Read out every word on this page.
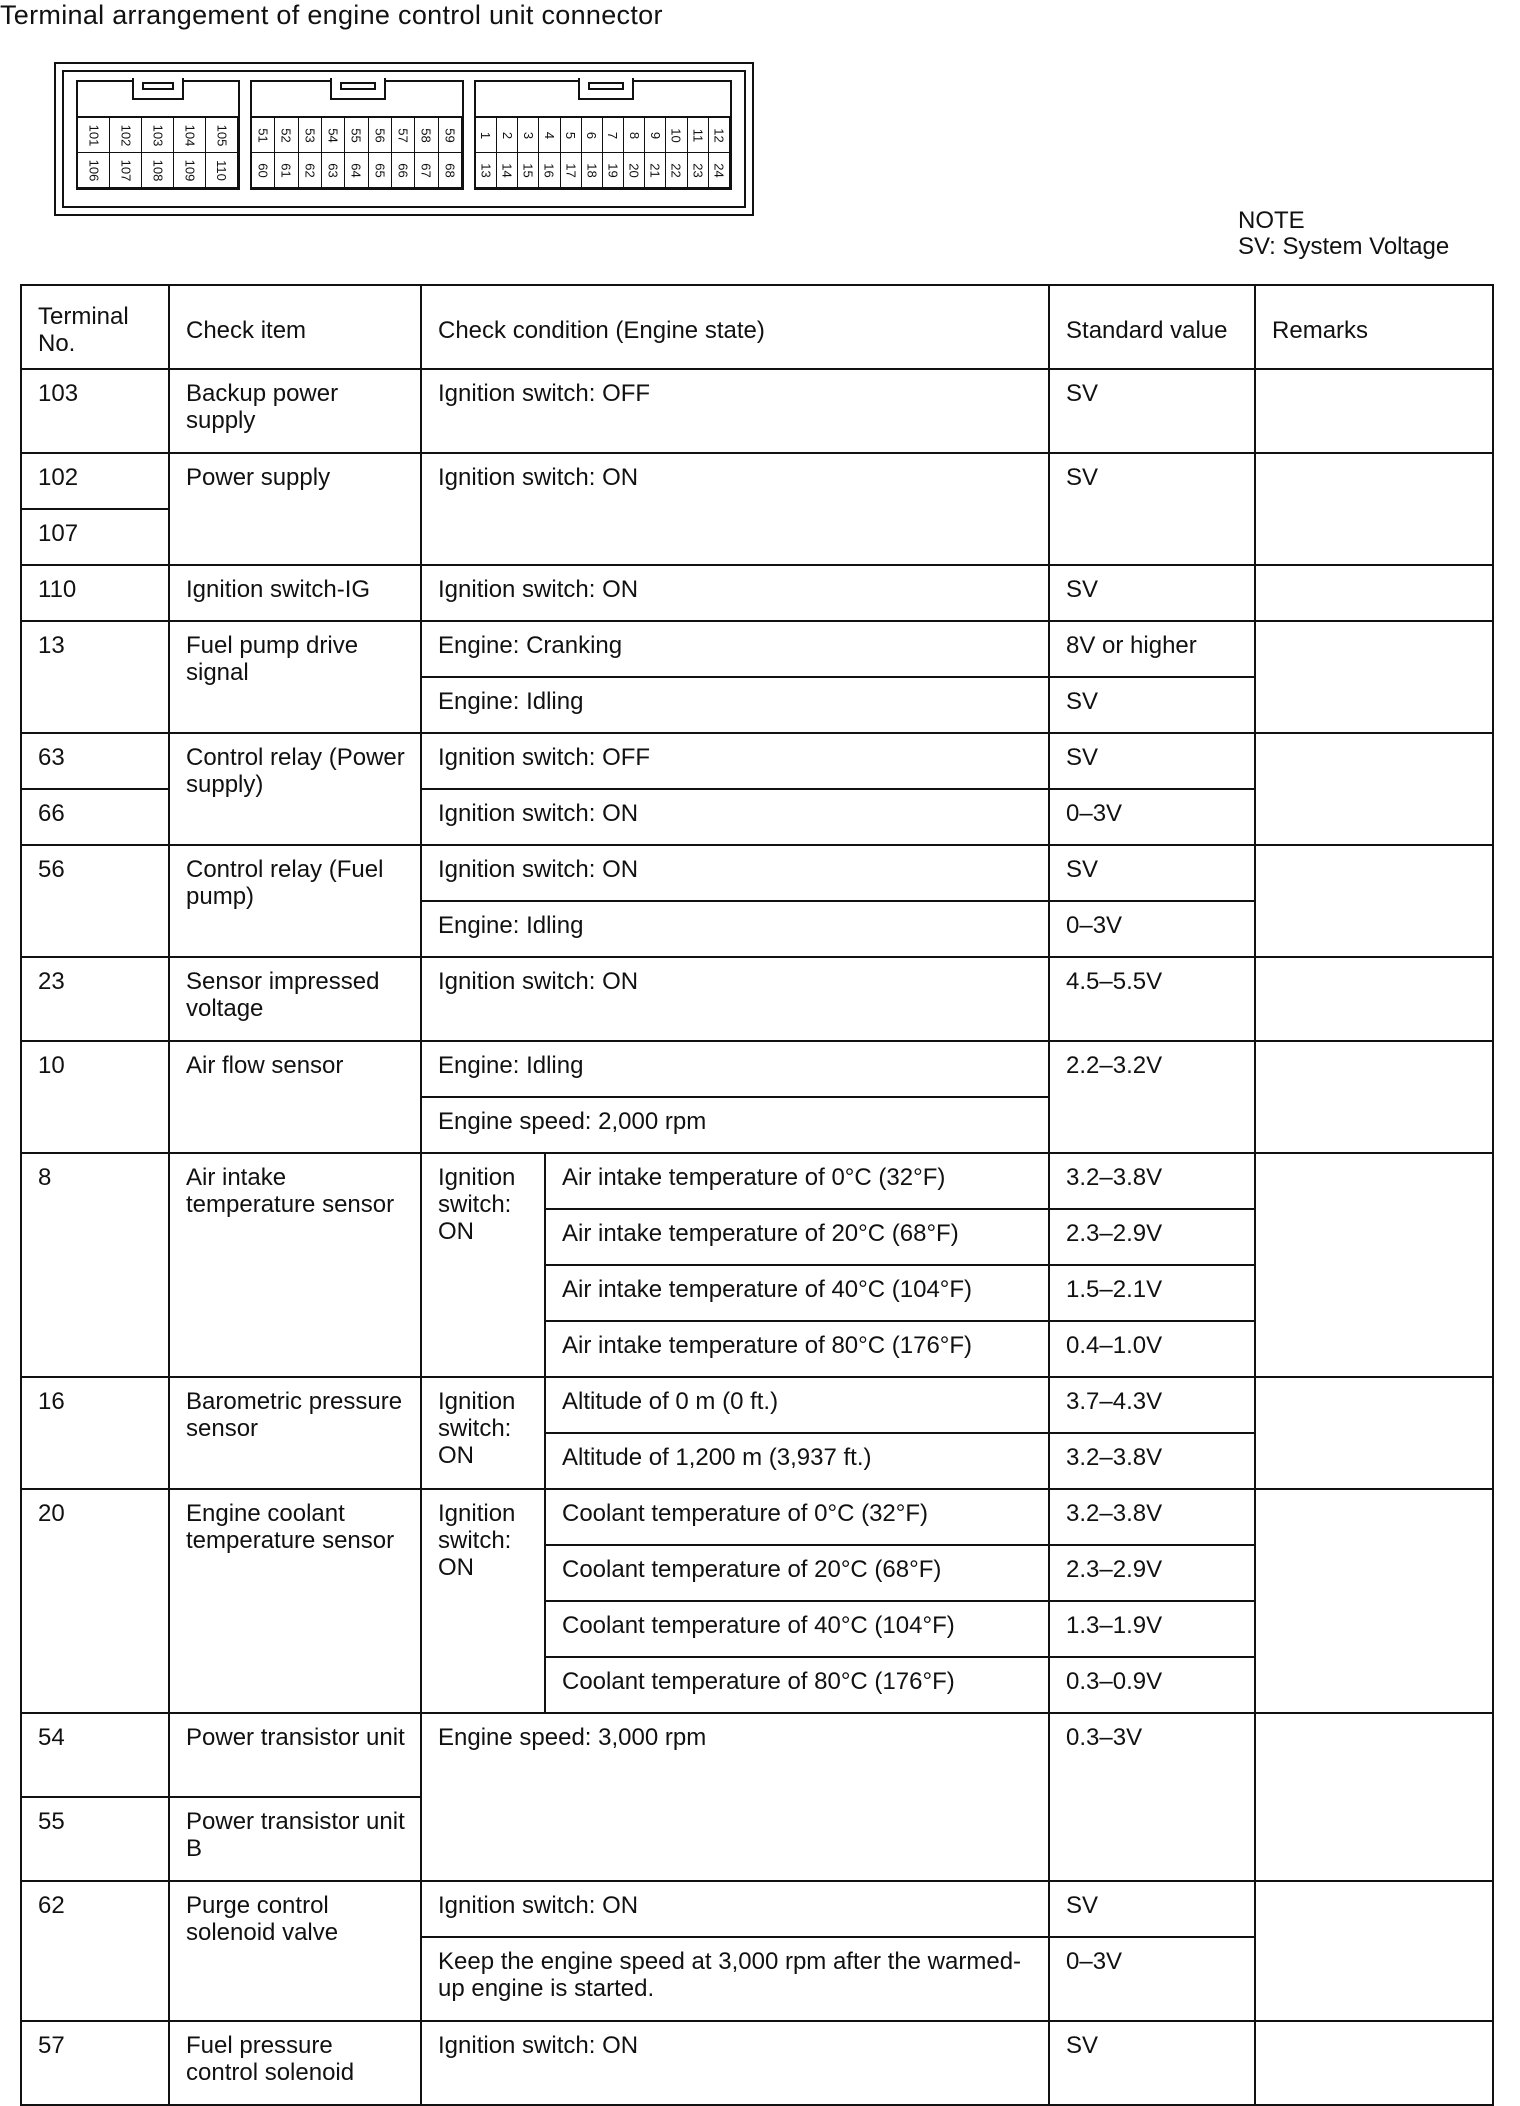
Terminal arrangement of engine control unit connector
101 102 103 104 105
106 107 108 109 110
51 52 53 54 55 56 57 58 59
60 61 62 63 64 65 66 67 68
1 2 3 4 5 6 7 8 9 10 11 12
13 14 15 16 17 18 19 20 21 22 23 24
NOTE
SV: System Voltage
Terminal No.	Check item	Check condition (Engine state)		Standard value	Remarks
103	Backup power supply	Ignition switch: OFF		SV	
102	Power supply	Ignition switch: ON		SV	
107					
110	Ignition switch-IG	Ignition switch: ON		SV	
13	Fuel pump drive signal	Engine: Cranking		8V or higher	
		Engine: Idling		SV	
63	Control relay (Power supply)	Ignition switch: OFF		SV	
66		Ignition switch: ON		0–3V	
56	Control relay (Fuel pump)	Ignition switch: ON		SV	
		Engine: Idling		0–3V	
23	Sensor impressed voltage	Ignition switch: ON		4.5–5.5V	
10	Air flow sensor	Engine: Idling		2.2–3.2V	
		Engine speed: 2,000 rpm			
8	Air intake temperature sensor	Ignition switch: ON	Air intake temperature of 0°C (32°F)	3.2–3.8V	
			Air intake temperature of 20°C (68°F)	2.3–2.9V	
			Air intake temperature of 40°C (104°F)	1.5–2.1V	
			Air intake temperature of 80°C (176°F)	0.4–1.0V	
16	Barometric pressure sensor	Ignition switch: ON	Altitude of 0 m (0 ft.)	3.7–4.3V	
			Altitude of 1,200 m (3,937 ft.)	3.2–3.8V	
20	Engine coolant temperature sensor	Ignition switch: ON	Coolant temperature of 0°C (32°F)	3.2–3.8V	
			Coolant temperature of 20°C (68°F)	2.3–2.9V	
			Coolant temperature of 40°C (104°F)	1.3–1.9V	
			Coolant temperature of 80°C (176°F)	0.3–0.9V	
54	Power transistor unit	Engine speed: 3,000 rpm		0.3–3V	
55	Power transistor unit B				
62	Purge control solenoid valve	Ignition switch: ON		SV	
		Keep the engine speed at 3,000 rpm after the warmed-up engine is started.		0–3V	
57	Fuel pressure control solenoid	Ignition switch: ON		SV	
